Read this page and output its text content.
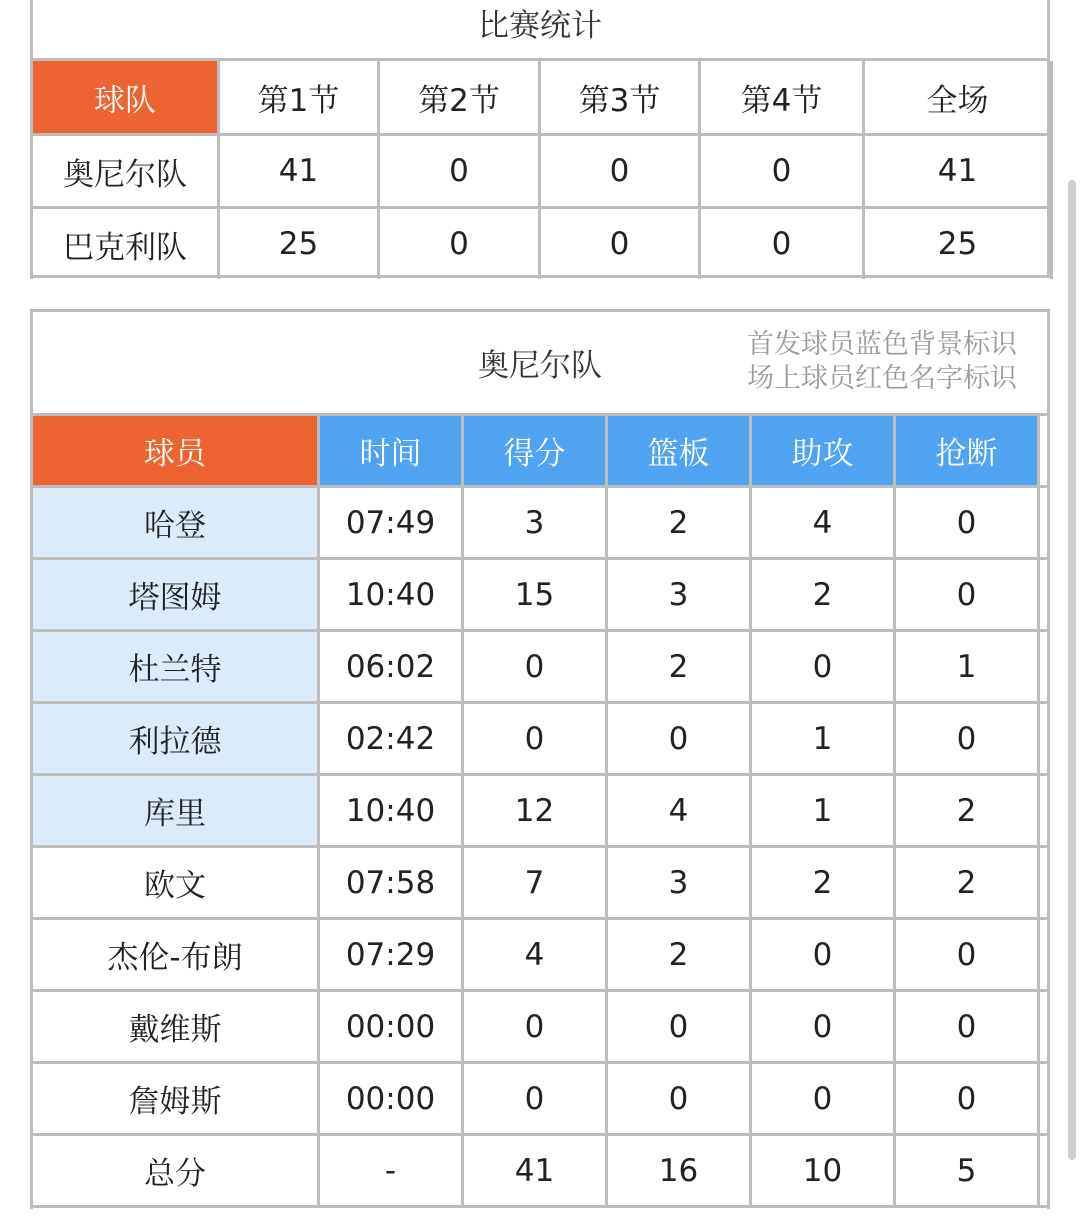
比赛统计
球队	第1节	第2节	第3节	第4节	全场
奥尼尔队	41	0	0	0	41
巴克利队	25	0	0	0	25
奥尼尔队
首发球员蓝色背景标识
场上球员红色名字标识
球员	时间	得分	篮板	助攻	抢断	
哈登	07:49	3	2	4	0	
塔图姆	10:40	15	3	2	0	
杜兰特	06:02	0	2	0	1	
利拉德	02:42	0	0	1	0	
库里	10:40	12	4	1	2	
欧文	07:58	7	3	2	2	
杰伦-布朗	07:29	4	2	0	0	
戴维斯	00:00	0	0	0	0	
詹姆斯	00:00	0	0	0	0	
总分	-	41	16	10	5	
